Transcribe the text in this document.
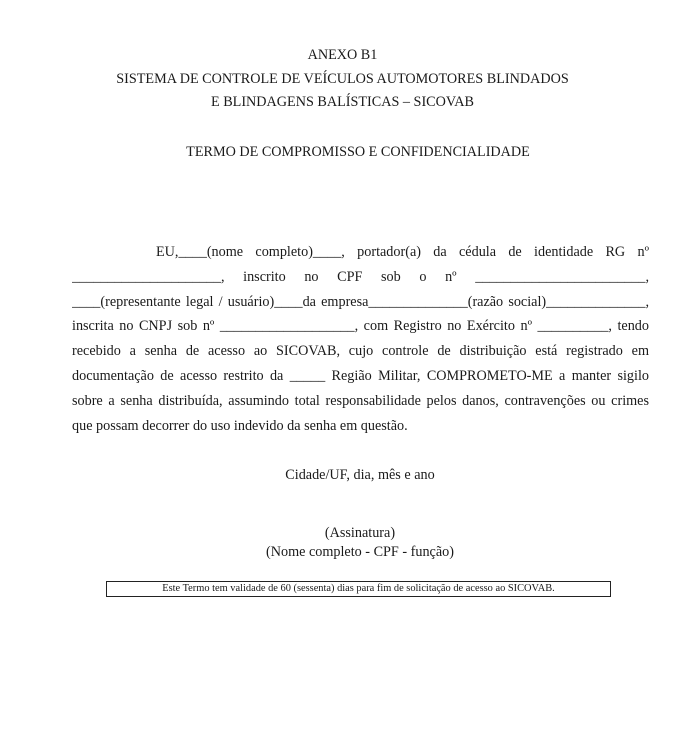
ANEXO B1
SISTEMA DE CONTROLE DE VEÍCULOS AUTOMOTORES BLINDADOS
E BLINDAGENS BALÍSTICAS – SICOVAB
TERMO DE COMPROMISSO E CONFIDENCIALIDADE
EU,____(nome completo)____, portador(a) da cédula de identidade RG nº
_____________________, inscrito no CPF sob o nº ________________________,
____(representante legal / usuário)____da empresa______________(razão social)______________,
inscrita no CNPJ sob nº ___________________, com Registro no Exército nº __________, tendo
recebido a senha de acesso ao SICOVAB, cujo controle de distribuição está registrado em
documentação de acesso restrito da _____ Região Militar, COMPROMETO-ME a manter sigilo
sobre a senha distribuída, assumindo total responsabilidade pelos danos, contravenções ou crimes
que possam decorrer do uso indevido da senha em questão.
Cidade/UF, dia, mês e ano
(Assinatura)
(Nome completo - CPF - função)
Este Termo tem validade de 60 (sessenta) dias para fim de solicitação de acesso ao SICOVAB.
